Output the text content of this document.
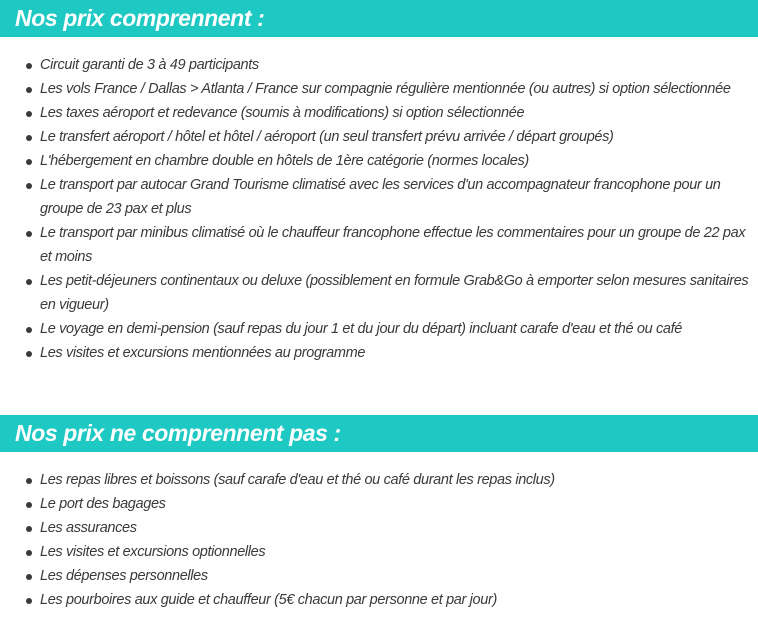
Nos prix comprennent :
Circuit garanti de 3 à 49 participants
Les vols France / Dallas > Atlanta / France sur compagnie régulière mentionnée (ou autres) si option sélectionnée
Les taxes aéroport et redevance (soumis à modifications) si option sélectionnée
Le transfert aéroport / hôtel et hôtel / aéroport (un seul transfert prévu arrivée / départ groupés)
L'hébergement en chambre double en hôtels de 1ère catégorie (normes locales)
Le transport par autocar Grand Tourisme climatisé avec les services d'un accompagnateur francophone pour un groupe de 23 pax et plus
Le transport par minibus climatisé où le chauffeur francophone effectue les commentaires pour un groupe de 22 pax et moins
Les petit-déjeuners continentaux ou deluxe (possiblement en formule Grab&Go à emporter selon mesures sanitaires en vigueur)
Le voyage en demi-pension (sauf repas du jour 1 et du jour du départ) incluant carafe d'eau et thé ou café
Les visites et excursions mentionnées au programme
Nos prix ne comprennent pas :
Les repas libres et boissons (sauf carafe d'eau et thé ou café durant les repas inclus)
Le port des bagages
Les assurances
Les visites et excursions optionnelles
Les dépenses personnelles
Les pourboires aux guide et chauffeur (5€ chacun par personne et par jour)
